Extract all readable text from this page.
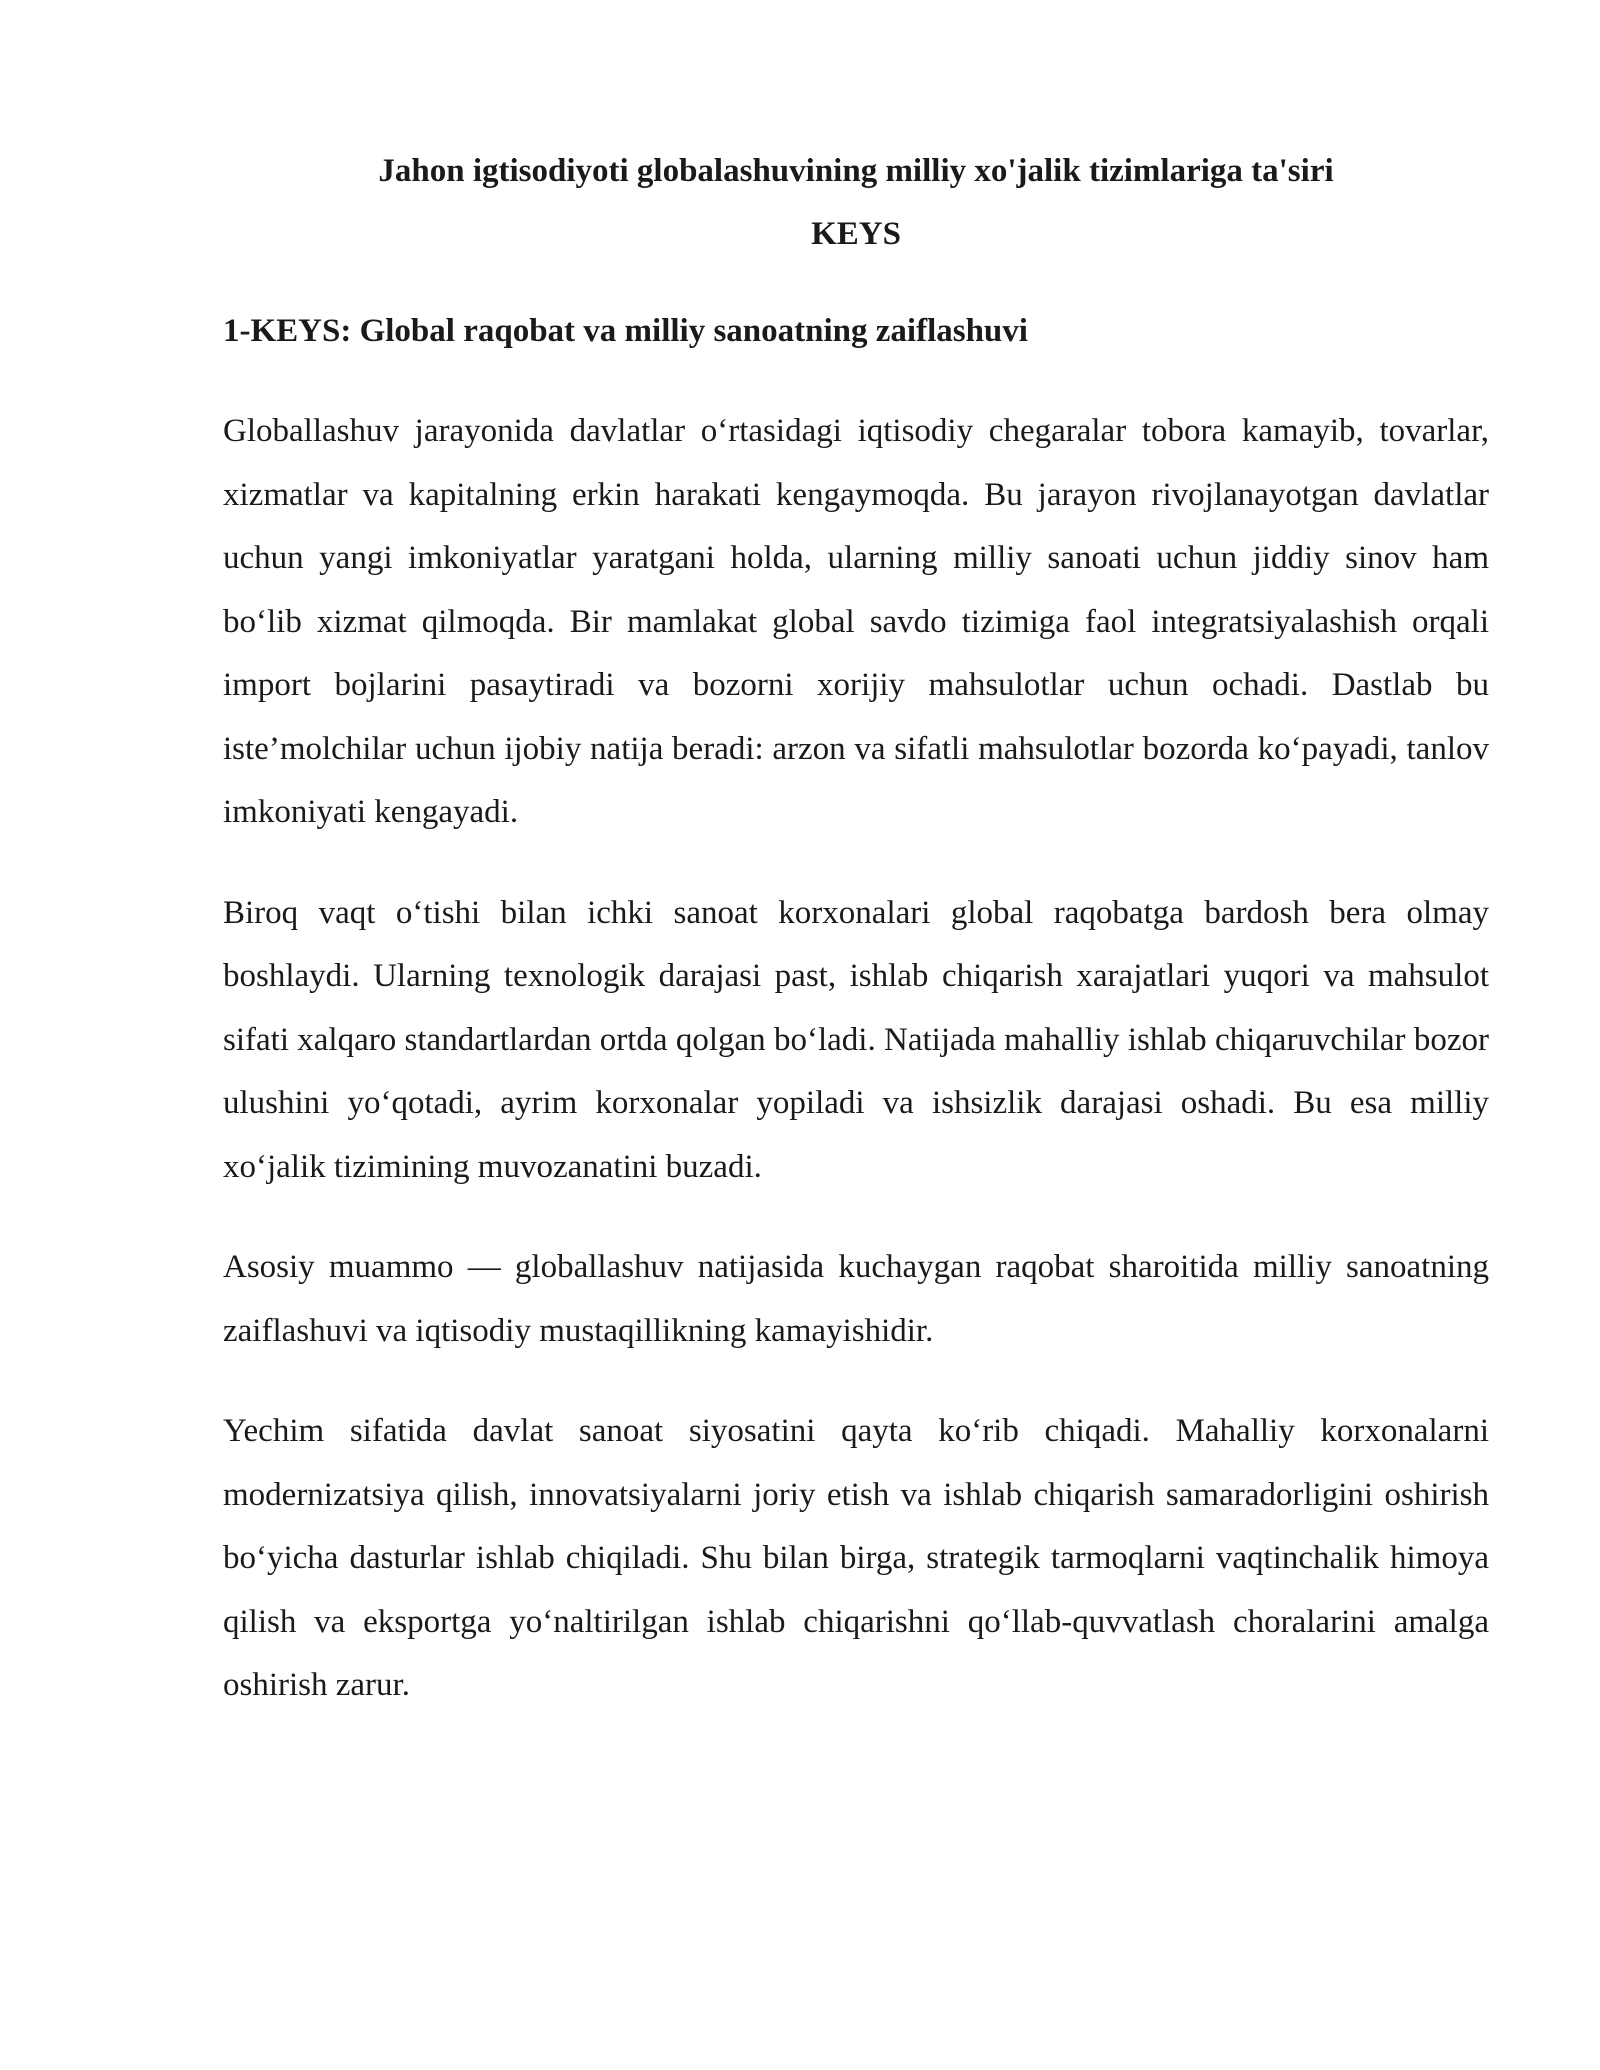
Jahon igtisodiyoti globalashuvining milliy xo'jalik tizimlariga ta'siri
KEYS
1-KEYS: Global raqobat va milliy sanoatning zaiflashuvi

Globallashuv jarayonida davlatlar o‘rtasidagi iqtisodiy chegaralar tobora kamayib, tovarlar, xizmatlar va kapitalning erkin harakati kengaymoqda. Bu jarayon rivojlanayotgan davlatlar uchun yangi imkoniyatlar yaratgani holda, ularning milliy sanoati uchun jiddiy sinov ham bo‘lib xizmat qilmoqda. Bir mamlakat global savdo tizimiga faol integratsiyalashish orqali import bojlarini pasaytiradi va bozorni xorijiy mahsulotlar uchun ochadi. Dastlab bu iste’molchilar uchun ijobiy natija beradi: arzon va sifatli mahsulotlar bozorda ko‘payadi, tanlov imkoniyati kengayadi.

Biroq vaqt o‘tishi bilan ichki sanoat korxonalari global raqobatga bardosh bera olmay boshlaydi. Ularning texnologik darajasi past, ishlab chiqarish xarajatlari yuqori va mahsulot sifati xalqaro standartlardan ortda qolgan bo‘ladi. Natijada mahalliy ishlab chiqaruvchilar bozor ulushini yo‘qotadi, ayrim korxonalar yopiladi va ishsizlik darajasi oshadi. Bu esa milliy xo‘jalik tizimining muvozanatini buzadi.

Asosiy muammo — globallashuv natijasida kuchaygan raqobat sharoitida milliy sanoatning zaiflashuvi va iqtisodiy mustaqillikning kamayishidir.

Yechim sifatida davlat sanoat siyosatini qayta ko‘rib chiqadi. Mahalliy korxonalarni modernizatsiya qilish, innovatsiyalarni joriy etish va ishlab chiqarish samaradorligini oshirish bo‘yicha dasturlar ishlab chiqiladi. Shu bilan birga, strategik tarmoqlarni vaqtinchalik himoya qilish va eksportga yo‘naltirilgan ishlab chiqarishni qo‘llab-quvvatlash choralarini amalga oshirish zarur.
